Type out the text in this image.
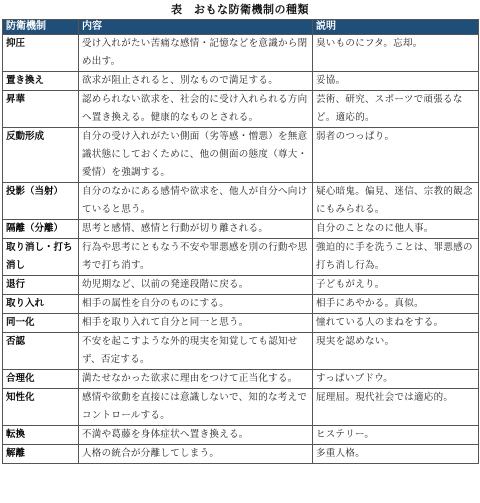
表　おもな防衛機制の種類
防衛機制	内容	説明
抑圧	受け入れがたい苦痛な感情・記憶などを意識から閉め出す。	臭いものにフタ。忘却。
置き換え	欲求が阻止されると、別なもので満足する。	妥協。
昇華	認められない欲求を、社会的に受け入れられる方向へ置き換える。健康的なものとされる。	芸術、研究、スポーツで頑張るなど。適応的。
反動形成	自分の受け入れがたい側面（劣等感・憎悪）を無意識状態にしておくために、他の側面の態度（尊大・愛情）を強調する。	弱者のつっぱり。
投影（当射）	自分のなかにある感情や欲求を、他人が自分へ向けていると思う。	疑心暗鬼。偏見、迷信、宗教的観念にもみられる。
隔離（分離）	思考と感情、感情と行動が切り離される。	自分のことなのに他人事。
取り消し・打ち消し	行為や思考にともなう不安や罪悪感を別の行動や思考で打ち消す。	強迫的に手を洗うことは、罪悪感の打ち消し行為。
退行	幼児期など、以前の発達段階に戻る。	子どもがえり。
取り入れ	相手の属性を自分のものにする。	相手にあやかる。真似。
同一化	相手を取り入れて自分と同一と思う。	憧れている人のまねをする。
否認	不安を起こすような外的現実を知覚しても認知せず、否定する。	現実を認めない。
合理化	満たせなかった欲求に理由をつけて正当化する。	すっぱいブドウ。
知性化	感情や欲動を直接には意識しないで、知的な考えでコントロールする。	屁理屈。現代社会では適応的。
転換	不満や葛藤を身体症状へ置き換える。	ヒステリー。
解離	人格の統合が分離してしまう。	多重人格。
